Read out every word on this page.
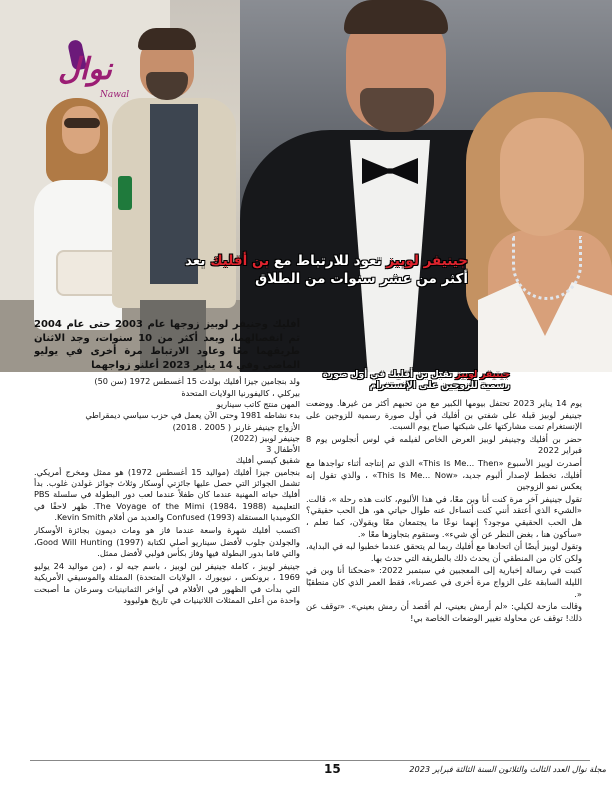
نوال
Nawal
جينيفر لوبيز تعود للارتباط مع بن أفليك بعد
أكثر من عشر سنوات من الطلاق
جينيفر لوبيز تقبل بن أفليك في أول صورة رسمية للزوجين على الإنستغرام

أفليك وجنيفر لوبيز زوجها عام 2003 حتى عام 2004 تم انفصالهما، وبعد أكثر من 10 سنوات، وجد الاثنان طريقهما معًا وعاود الارتباط مرة أخرى في يوليو الماضي وفي 14 يناير 2023 أعلنو زواجهما

ولد بنجامين جيزا أفليك بولدت 15 أغسطس 1972 (سن 50)

بيركلي ، كاليفورنيا الولايات المتحدة

المهن منتج كاتب سيناريو

بدء نشاطه 1981 وحتى الآن يعمل في حزب سياسي ديمقراطي

الأزواج جينيفر غارنر ( 2005 . 2018)

جينيفر لوبيز (2022)

الأطفال 3

شقيق كيسي أفليك

بنجامين جيزا أفليك (مواليد 15 أغسطس 1972) هو ممثل ومخرج أمريكي. تشمل الجوائز التي حصل عليها جائزتي أوسكار وثلاث جوائز غولدن غلوب. بدأ أفليك حياته المهنية عندما كان طفلاً عندما لعب دور البطولة في سلسلة PBS التعليمية The Voyage of the Mimi (1984، 1988). ظهر لاحقًا في الكوميديا المستقلة Confused (1993) والعديد من أفلام Kevin Smith.

اكتسب أفليك شهرة واسعة عندما فاز هو ومات ديمون بجائزة الأوسكار والجولدن جلوب لأفضل سيناريو أصلي لكتابة Good Will Hunting (1997)، والتي قاما بدور البطولة فيها وفاز بكأس فولبي لأفضل ممثل.

جينيفر لوبيز ، كاملة جينيفر لين لوبيز ، باسم جيه لو ، (من مواليد 24 يوليو 1969 ، برونكس ، نيويورك ، الولايات المتحدة) الممثلة والموسيقي الأمريكية التي بدأت في الظهور في الأفلام في أواخر الثمانينيات وسرعان ما أصبحت واحدة من أعلى الممثلات اللاتينيات في تاريخ هوليوود

يوم 14 يناير 2023 تحتفل بيومها الكبير مع من تحبهم أكثر من غيرها. ووضعت جينيفر لوبيز قبلة على شفتي بن أفليك في أول صورة رسمية للزوجين على الإنستغرام تمت مشاركتها على شبكتها صباح يوم السبت.

حضر بن أفليك وجينيفر لوبيز العرض الخاص لفيلمه في لوس أنجلوس يوم 8 فبراير 2022

أصدرت لوبيز الأسبوع «This Is Me... Then» الذي تم إنتاجه أثناء تواجدها مع أفليك، تخطط لإصدار ألبوم جديد، «This Is Me... Now» ، والذي تقول إنه يعكس نمو الزوجين

تقول جينيفر آخر مرة كنت أنا وبن معًا، في هذا الألبوم، كانت هذه رحلة »، قالت. «الشيء الذي أعتقد أنني كنت أتساءل عنه طوال حياتي هو، هل الحب حقيقي؟ هل الحب الحقيقي موجود؟ إنهما نوعًا ما يجتمعان معًا ويقولان، كما تعلم ، «سأكون هنا ، بغض النظر عن أي شيء». وستقوم بتجاوزها معًا «.

وتقول لوبيز أيضًا أن اتحادها مع أفليك ربما لم يتحقق عندما خطبوا لبه في البداية، ولكن كان من المنطقي أن يحدث ذلك بالطريقة التي حدث بها.

كتبت في رسالة إخبارية إلى المعجبين في سبتمبر 2022: «ضحكنا أنا وبن في الليلة السابقة على الزواج مرة أخرى في عصرنا»، فقط العمر الذي كان منطقيًا «.

وقالت مازحة لكيلي: «لم أرمش بعيني، لم أقصد أن رمش بعيني». «توقف عن ذلك! توقف عن محاولة تغيير الوضعات الخاصة بي!

15	مجلة نوال العدد الثالث والثلاثون السنة الثالثة فبراير 2023
